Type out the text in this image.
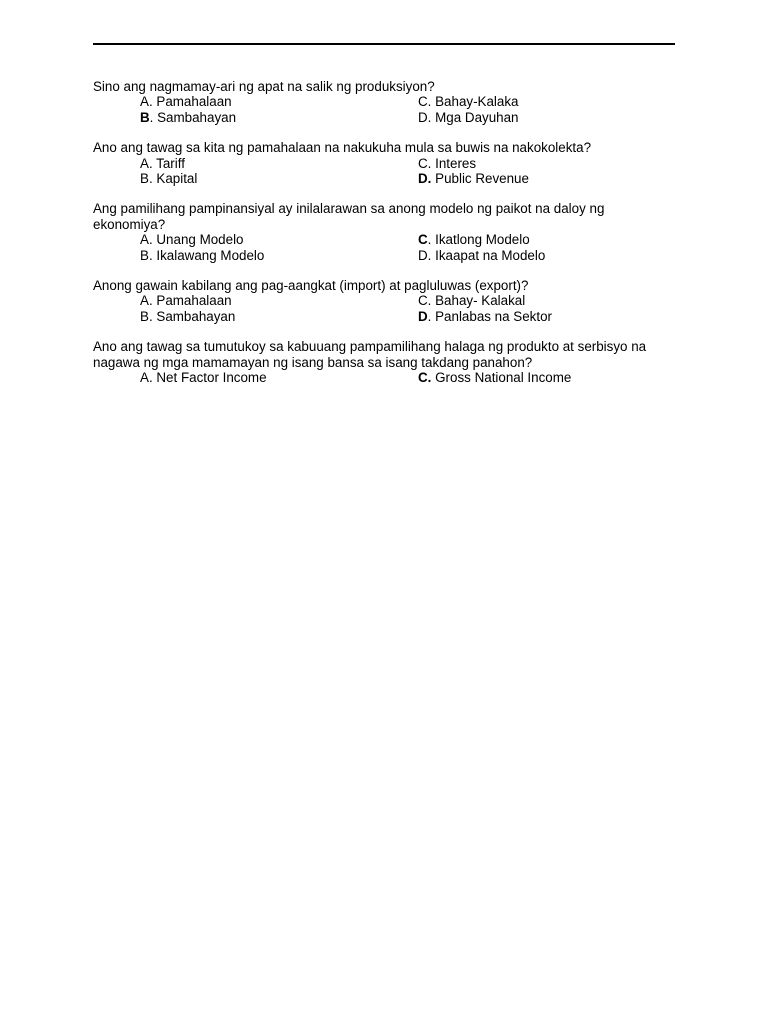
Sino ang nagmamay-ari ng apat na salik ng produksiyon?
A. Pamahalaan	C. Bahay-Kalaka
B. Sambahayan	D. Mga Dayuhan
Ano ang tawag sa kita ng pamahalaan na nakukuha mula sa buwis na nakokolekta?
A. Tariff	C. Interes
B. Kapital	D. Public Revenue
Ang pamilihang pampinansiyal ay inilalarawan sa anong modelo ng paikot na daloy ng ekonomiya?
A. Unang Modelo	C. Ikatlong Modelo
B. Ikalawang Modelo	D. Ikaapat na Modelo
Anong gawain kabilang ang pag-aangkat (import) at pagluluwas (export)?
A. Pamahalaan	C. Bahay- Kalakal
B. Sambahayan	D. Panlabas na Sektor
Ano ang tawag sa tumutukoy sa kabuuang pampamilihang halaga ng produkto at serbisyo na nagawa ng mga mamamayan ng isang bansa sa isang takdang panahon?
A. Net Factor Income	C. Gross National Income
